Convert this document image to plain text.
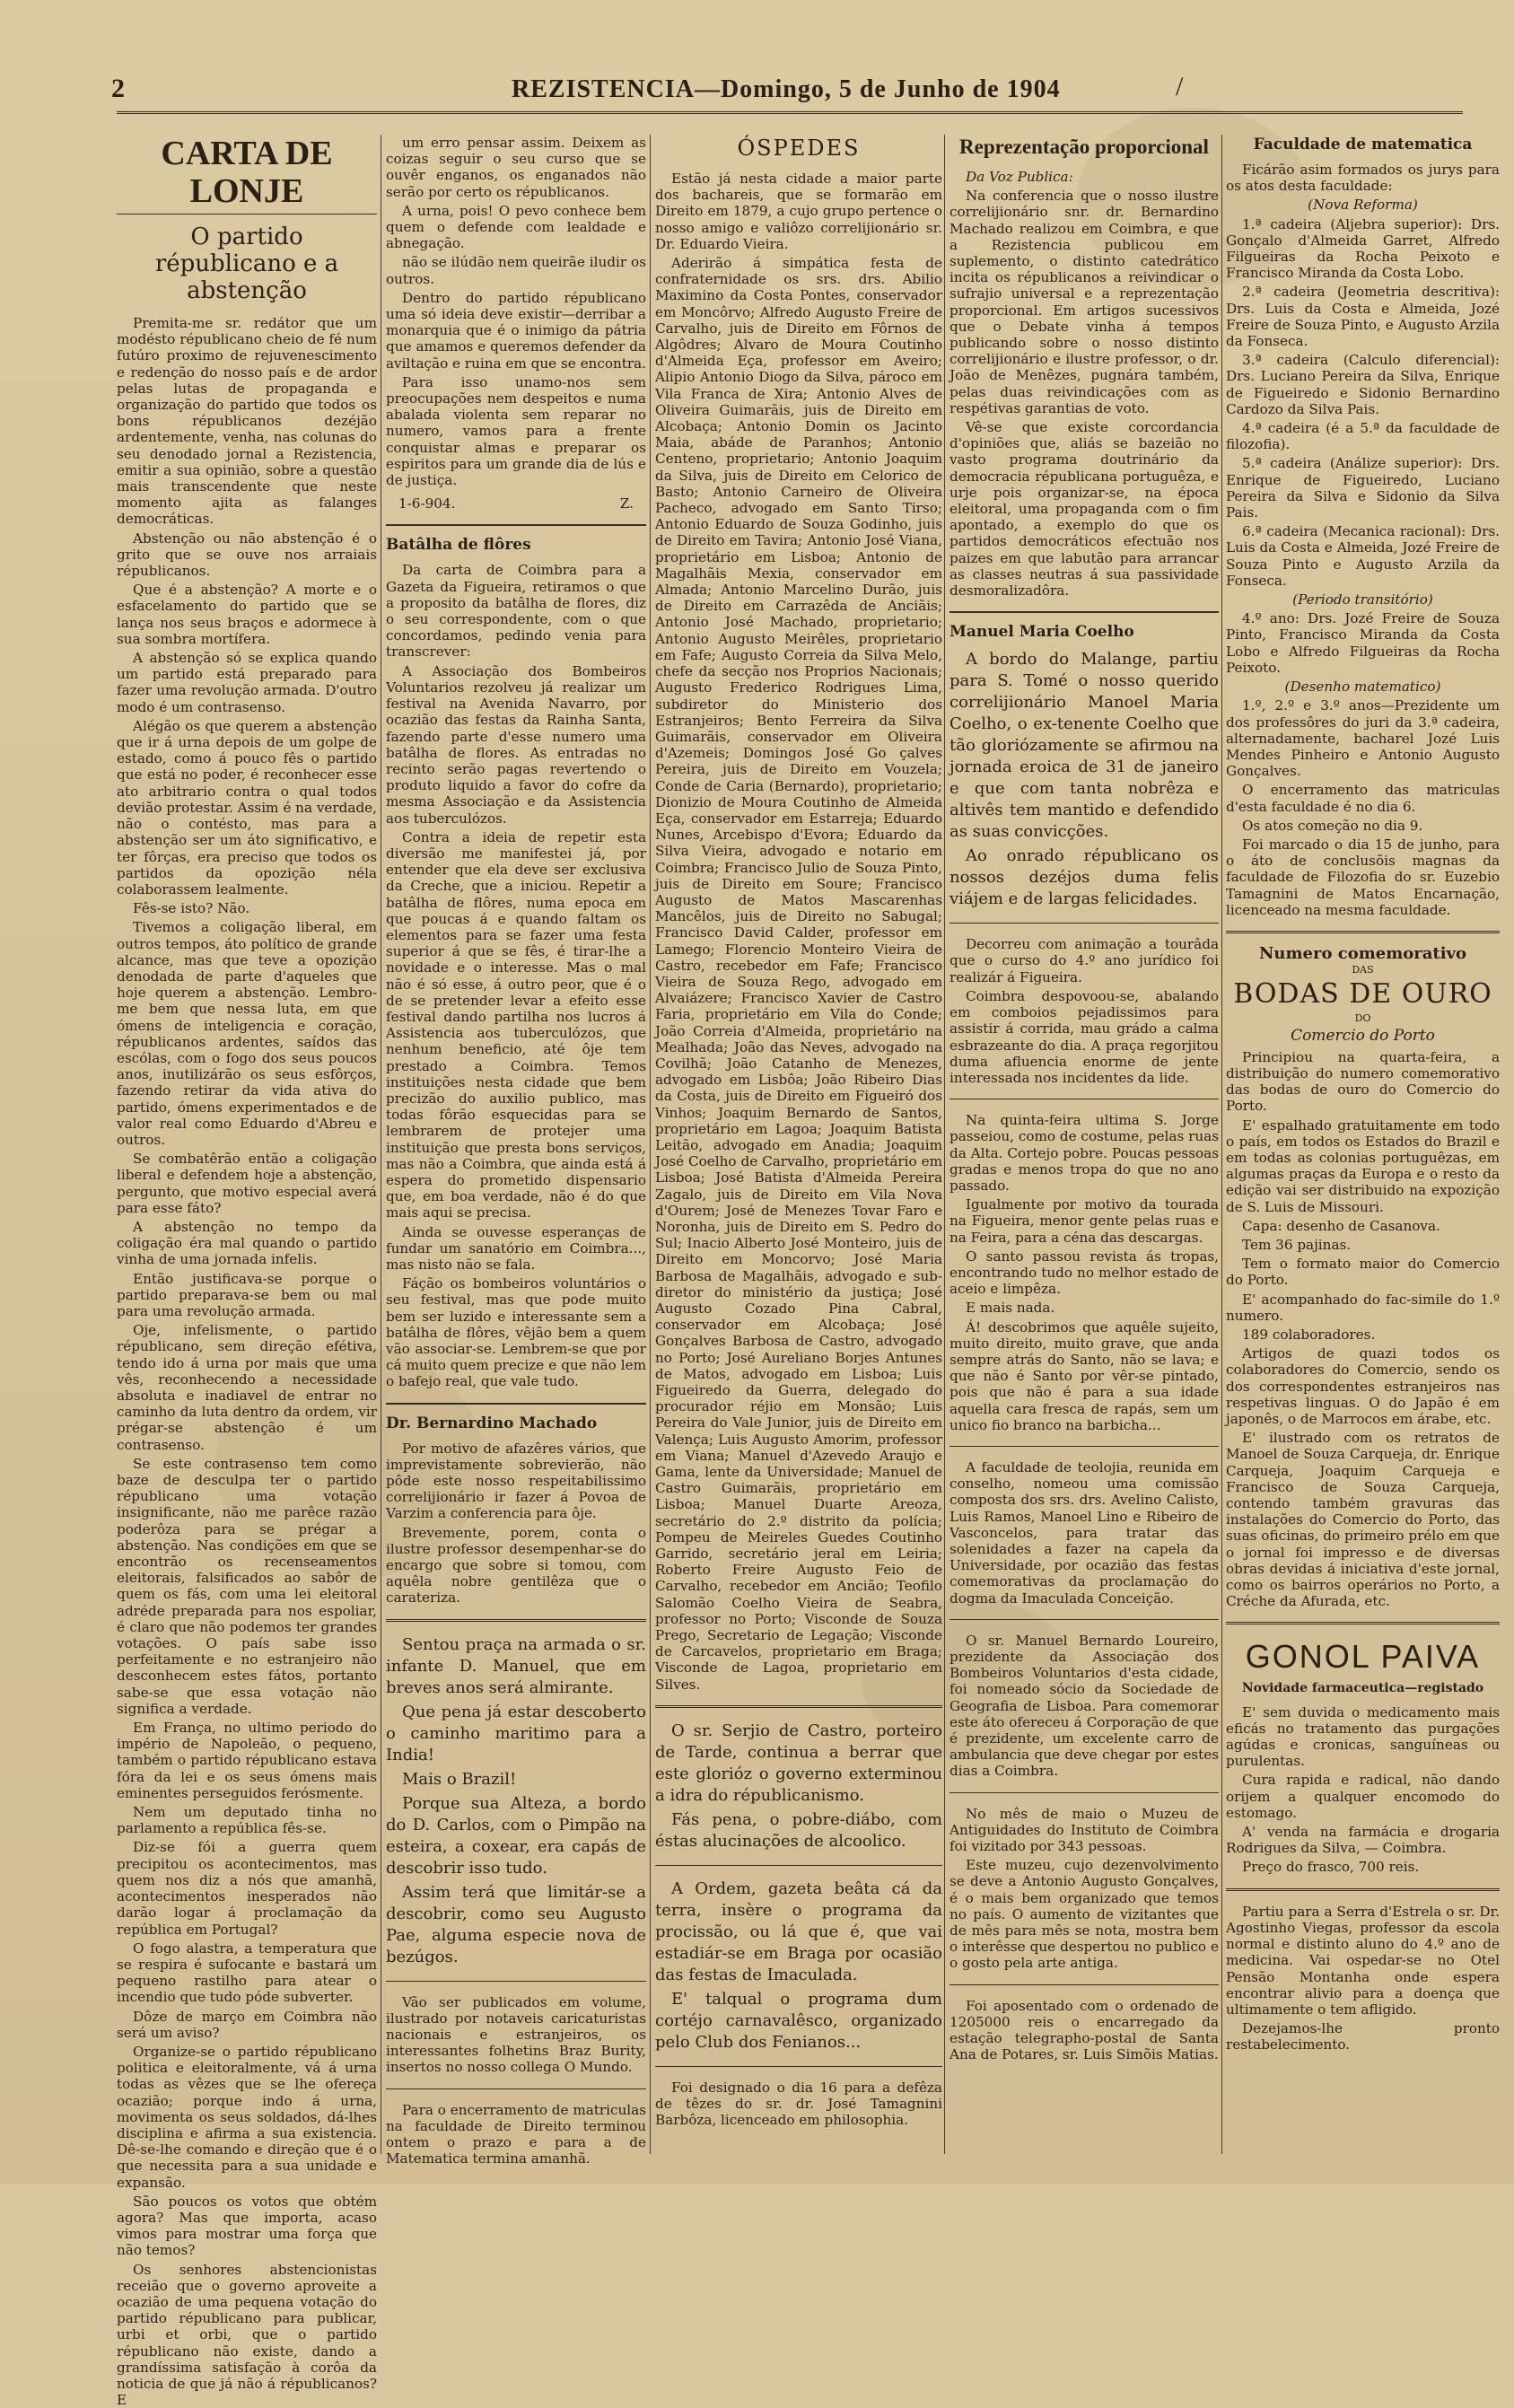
2	REZISTENCIA—Domingo, 5 de Junho de 1904	/
CARTA DE LONJE
O partido républicano e a abstenção

Premita-me sr. redátor que um modésto républicano cheio de fé num futúro proximo de rejuvenescimento e redenção do nosso país e de ardor pelas lutas de propaganda e organização do partido que todos os bons républicanos dezéjão ardentemente, venha, nas colunas do seu denodado jornal a Rezistencia, emitir a sua opinião, sobre a questão mais transcendente que neste momento ajita as falanges democráticas.

Abstenção ou não abstenção é o grito que se ouve nos arraiais républicanos.

Que é a abstenção? A morte e o esfacelamento do partido que se lança nos seus braços e adormece à sua sombra mortífera.

A abstenção só se explica quando um partido está preparado para fazer uma revolução armada. D'outro modo é um contrasenso.

Alégão os que querem a abstenção que ir á urna depois de um golpe de estado, como á pouco fês o partido que está no poder, é reconhecer esse ato arbitrario contra o qual todos devião protestar. Assim é na verdade, não o contésto, mas para a abstenção ser um áto significativo, e ter fôrças, era preciso que todos os partidos da opozição néla colaborassem lealmente.

Fês-se isto? Não.

Tivemos a coligação liberal, em outros tempos, áto político de grande alcance, mas que teve a opozição denodada de parte d'aqueles que hoje querem a abstenção. Lembro-me bem que nessa luta, em que ómens de inteligencia e coração, républicanos ardentes, saídos das escólas, com o fogo dos seus poucos anos, inutilizárão os seus esfôrços, fazendo retirar da vida ativa do partido, ómens experimentados e de valor real como Eduardo d'Abreu e outros.

Se combatêrão então a coligação liberal e defendem hoje a abstenção, pergunto, que motivo especial averá para esse fáto?

A abstenção no tempo da coligação éra mal quando o partido vinha de uma jornada infelis.

Então justificava-se porque o partido preparava-se bem ou mal para uma revolução armada.

Oje, infelismente, o partido républicano, sem direção efétiva, tendo ido á urna por mais que uma vês, reconhecendo a necessidade absoluta e inadiavel de entrar no caminho da luta dentro da ordem, vir prégar-se abstenção é um contrasenso.

Se este contrasenso tem como baze de desculpa ter o partido républicano uma votação insignificante, não me parêce razão poderôza para se prégar a abstenção. Nas condições em que se encontrão os recenseamentos eleitorais, falsificados ao sabôr de quem os fás, com uma lei eleitoral adréde preparada para nos espoliar, é claro que não podemos ter grandes votações. O país sabe isso perfeitamente e no estranjeiro não desconhecem estes fátos, portanto sabe-se que essa votação não significa a verdade.

Em França, no ultimo periodo do império de Napoleão, o pequeno, também o partido républicano estava fóra da lei e os seus ómens mais eminentes perseguidos ferósmente.

Nem um deputado tinha no parlamento a república fês-se.

Diz-se fói a guerra quem precipitou os acontecimentos, mas quem nos diz a nós que amanhã, acontecimentos inesperados não darão logar á proclamação da república em Portugal?

O fogo alastra, a temperatura que se respira é sufocante e bastará um pequeno rastilho para atear o incendio que tudo póde subverter.

Dôze de março em Coimbra não será um aviso?

Organize-se o partido républicano politica e eleitoralmente, vá á urna todas as vêzes que se lhe ofereça ocazião; porque indo á urna, movimenta os seus soldados, dá-lhes disciplina e afirma a sua existencia. Dê-se-lhe comando e direção que é o que necessita para a sua unidade e expansão.

São poucos os votos que obtém agora? Mas que importa, acaso vimos para mostrar uma força que não temos?

Os senhores abstencionistas receião que o governo aproveite a ocazião de uma pequena votação do partido républicano para publicar, urbi et orbi, que o partido républicano não existe, dando a grandíssima satisfação à corôa da noticia de que já não á républicanos? E

um erro pensar assim. Deixem as coizas seguir o seu curso que se ouvêr enganos, os enganados não serão por certo os républicanos.

A urna, pois! O pevo conhece bem quem o defende com lealdade e abnegação.

não se ilúdão nem queirãe iludir os outros.

Dentro do partido républicano uma só ideia deve existir—derribar a monarquia que é o inimigo da pátria que amamos e queremos defender da aviltação e ruina em que se encontra.

Para isso unamo-nos sem preocupações nem despeitos e numa abalada violenta sem reparar no numero, vamos para a frente conquistar almas e preparar os espiritos para um grande dia de lús e de justiça.

1-6-904.	Z.
Batâlha de flôres

Da carta de Coimbra para a Gazeta da Figueira, retiramos o que a proposito da batâlha de flores, diz o seu correspondente, com o que concordamos, pedindo venia para transcrever:

A Associação dos Bombeiros Voluntarios rezolveu já realizar um festival na Avenida Navarro, por ocazião das festas da Rainha Santa, fazendo parte d'esse numero uma batâlha de flores. As entradas no recinto serão pagas revertendo o produto liquido a favor do cofre da mesma Associação e da Assistencia aos tuberculózos.

Contra a ideia de repetir esta diversão me manifestei já, por entender que ela deve ser exclusiva da Creche, que a iniciou. Repetir a batâlha de flôres, numa epoca em que poucas á e quando faltam os elementos para se fazer uma festa superior á que se fês, é tirar-lhe a novidade e o interesse. Mas o mal não é só esse, á outro peor, que é o de se pretender levar a efeito esse festival dando partilha nos lucros á Assistencia aos tuberculózos, que nenhum beneficio, até ôje tem prestado a Coimbra. Temos instituições nesta cidade que bem precizão do auxilio publico, mas todas fôrão esquecidas para se lembrarem de protejer uma instituição que presta bons serviços, mas não a Coimbra, que ainda está á espera do prometido dispensario que, em boa verdade, não é do que mais aqui se precisa.

Ainda se ouvesse esperanças de fundar um sanatório em Coimbra..., mas nisto não se fala.

Fáção os bombeiros voluntários o seu festival, mas que pode muito bem ser luzido e interessante sem a batâlha de flôres, vêjão bem a quem vão associar-se. Lembrem-se que por cá muito quem precize e que não lem o bafejo real, que vale tudo.

Dr. Bernardino Machado

Por motivo de afazêres vários, que imprevistamente sobrevierão, não pôde este nosso respeitabilissimo correlijionário ir fazer á Povoa de Varzim a conferencia para ôje.

Brevemente, porem, conta o ilustre professor desempenhar-se do encargo que sobre si tomou, com aquêla nobre gentilêza que o carateriza.

Sentou praça na armada o sr. infante D. Manuel, que em breves anos será almirante.

Que pena já estar descoberto o caminho maritimo para a India!

Mais o Brazil!

Porque sua Alteza, a bordo do D. Carlos, com o Pimpão na esteira, a coxear, era capás de descobrir isso tudo.

Assim terá que limitár-se a descobrir, como seu Augusto Pae, alguma especie nova de bezúgos.

Vão ser publicados em volume, ilustrado por notaveis caricaturistas nacionais e estranjeiros, os interessantes folhetins Braz Burity, insertos no nosso collega O Mundo.

Para o encerramento de matriculas na faculdade de Direito terminou ontem o prazo e para a de Matematica termina amanhã.

ÓSPEDES

Estão já nesta cidade a maior parte dos bachareis, que se formarão em Direito em 1879, a cujo grupo pertence o nosso amigo e valiôzo correlijionário sr. Dr. Eduardo Vieira.

Aderirão á simpática festa de confraternidade os srs. drs. Abilio Maximino da Costa Pontes, conservador em Moncôrvo; Alfredo Augusto Freire de Carvalho, juis de Direito em Fôrnos de Algôdres; Alvaro de Moura Coutinho d'Almeida Eça, professor em Aveiro; Alipio Antonio Diogo da Silva, pároco em Vila Franca de Xira; Antonio Alves de Oliveira Guimarãis, juis de Direito em Alcobaça; Antonio Domin os Jacinto Maia, abáde de Paranhos; Antonio Centeno, proprietario; Antonio Joaquim da Silva, juis de Direito em Celorico de Basto; Antonio Carneiro de Oliveira Pacheco, advogado em Santo Tirso; Antonio Eduardo de Souza Godinho, juis de Direito em Tavira; Antonio José Viana, proprietário em Lisboa; Antonio de Magalhãis Mexia, conservador em Almada; Antonio Marcelino Durão, juis de Direito em Carrazêda de Anciãis; Antonio José Machado, proprietario; Antonio Augusto Meirêles, proprietario em Fafe; Augusto Correia da Silva Melo, chefe da secção nos Proprios Nacionais; Augusto Frederico Rodrigues Lima, subdiretor do Ministerio dos Estranjeiros; Bento Ferreira da Silva Guimarãis, conservador em Oliveira d'Azemeis; Domingos José Go çalves Pereira, juis de Direito em Vouzela; Conde de Caria (Bernardo), proprietario; Dionizio de Moura Coutinho de Almeida Eça, conservador em Estarreja; Eduardo Nunes, Arcebispo d'Evora; Eduardo da Silva Vieira, advogado e notario em Coimbra; Francisco Julio de Souza Pinto, juis de Direito em Soure; Francisco Augusto de Matos Mascarenhas Mancêlos, juis de Direito no Sabugal; Francisco David Calder, professor em Lamego; Florencio Monteiro Vieira de Castro, recebedor em Fafe; Francisco Vieira de Souza Rego, advogado em Alvaiázere; Francisco Xavier de Castro Faria, proprietário em Vila do Conde; João Correia d'Almeida, proprietário na Mealhada; João das Neves, advogado na Covilhã; João Catanho de Menezes, advogado em Lisbôa; João Ribeiro Dias da Costa, juis de Direito em Figueiró dos Vinhos; Joaquim Bernardo de Santos, proprietário em Lagoa; Joaquim Batista Leitão, advogado em Anadia; Joaquim José Coelho de Carvalho, proprietário em Lisboa; José Batista d'Almeida Pereira Zagalo, juis de Direito em Vila Nova d'Ourem; José de Menezes Tovar Faro e Noronha, juis de Direito em S. Pedro do Sul; Inacio Alberto José Monteiro, juis de Direito em Moncorvo; José Maria Barbosa de Magalhãis, advogado e sub-diretor do ministério da justiça; José Augusto Cozado Pina Cabral, conservador em Alcobaça; José Gonçalves Barbosa de Castro, advogado no Porto; José Aureliano Borjes Antunes de Matos, advogado em Lisboa; Luis Figueiredo da Guerra, delegado do procurador réjio em Monsão; Luis Pereira do Vale Junior, juis de Direito em Valença; Luis Augusto Amorim, professor em Viana; Manuel d'Azevedo Araujo e Gama, lente da Universidade; Manuel de Castro Guimarãis, proprietário em Lisboa; Manuel Duarte Areoza, secretário do 2.º distrito da polícia; Pompeu de Meireles Guedes Coutinho Garrido, secretário jeral em Leiria; Roberto Freire Augusto Feio de Carvalho, recebedor em Ancião; Teofilo Salomão Coelho Vieira de Seabra, professor no Porto; Visconde de Souza Prego, Secretario de Legação; Visconde de Carcavelos, proprietario em Braga; Visconde de Lagoa, proprietario em Silves.

O sr. Serjio de Castro, porteiro de Tarde, continua a berrar que este glorióz o governo exterminou a idra do républicanismo.

Fás pena, o pobre-diábo, com éstas alucinações de alcoolico.

A Ordem, gazeta beâta cá da terra, insère o programa da procissão, ou lá que é, que vai estadiár-se em Braga por ocasião das festas de Imaculada.

E' talqual o programa dum cortéjo carnavalêsco, organizado pelo Club dos Fenianos...

Foi designado o dia 16 para a defêza de têzes do sr. dr. José Tamagnini Barbôza, licenceado em philosophia.

Reprezentação proporcional

Da Voz Publica:

Na conferencia que o nosso ilustre correlijionário snr. dr. Bernardino Machado realizou em Coimbra, e que a Rezistencia publicou em suplemento, o distinto catedrático incita os républicanos a reivindicar o sufrajio universal e a reprezentação proporcional. Em artigos sucessivos que o Debate vinha á tempos publicando sobre o nosso distinto correlijionário e ilustre professor, o dr. João de Menêzes, pugnára também, pelas duas reivindicações com as respétivas garantias de voto.

Vê-se que existe corcordancia d'opiniões que, aliás se bazeião no vasto programa doutrinário da democracia républicana portuguêza, e urje pois organizar-se, na época eleitoral, uma propaganda com o fim apontado, a exemplo do que os partidos democráticos efectuão nos paizes em que labutão para arrancar as classes neutras á sua passividade desmoralizadôra.

Manuel Maria Coelho

A bordo do Malange, partiu para S. Tomé o nosso querido correlijionário Manoel Maria Coelho, o ex-tenente Coelho que tão gloriózamente se afirmou na jornada eroica de 31 de janeiro e que com tanta nobrêza e altivês tem mantido e defendido as suas convicções.

Ao onrado républicano os nossos dezéjos duma felis viájem e de largas felicidades.

Decorreu com animação a tourâda que o curso do 4.º ano jurídico foi realizár á Figueira.

Coimbra despovoou-se, abalando em comboios pejadissimos para assistir á corrida, mau grádo a calma esbrazeante do dia. A praça regorjitou duma afluencia enorme de jente interessada nos incidentes da lide.

Na quinta-feira ultima S. Jorge passeiou, como de costume, pelas ruas da Alta. Cortejo pobre. Poucas pessoas gradas e menos tropa do que no ano passado.

Igualmente por motivo da tourada na Figueira, menor gente pelas ruas e na Feira, para a céna das descargas.

O santo passou revista ás tropas, encontrando tudo no melhor estado de aceio e limpêza.

E mais nada.

Á! descobrimos que aquêle sujeito, muito direito, muito grave, que anda sempre atrás do Santo, não se lava; e que não é Santo por vêr-se pintado, pois que não é para a sua idade aquella cara fresca de rapás, sem um unico fio branco na barbicha...

A faculdade de teolojia, reunida em conselho, nomeou uma comissão composta dos srs. drs. Avelino Calisto, Luis Ramos, Manoel Lino e Ribeiro de Vasconcelos, para tratar das solenidades a fazer na capela da Universidade, por ocazião das festas comemorativas da proclamação do dogma da Imaculada Conceição.

O sr. Manuel Bernardo Loureiro, prezidente da Associação dos Bombeiros Voluntarios d'esta cidade, foi nomeado sócio da Sociedade de Geografia de Lisboa. Para comemorar este áto ofereceu á Corporação de que é prezidente, um excelente carro de ambulancia que deve chegar por estes dias a Coimbra.

No mês de maio o Muzeu de Antiguidades do Instituto de Coimbra foi vizitado por 343 pessoas.

Este muzeu, cujo dezenvolvimento se deve a Antonio Augusto Gonçalves, é o mais bem organizado que temos no país. O aumento de vizitantes que de mês para mês se nota, mostra bem o interêsse que despertou no publico e o gosto pela arte antiga.

Foi aposentado com o ordenado de 1205000 reis o encarregado da estação telegrapho-postal de Santa Ana de Potares, sr. Luis Simõis Matias.

Faculdade de matematica

Ficárão asim formados os jurys para os atos desta faculdade:

(Nova Reforma)

1.ª cadeira (Aljebra superior): Drs. Gonçalo d'Almeida Garret, Alfredo Filgueiras da Rocha Peixoto e Francisco Miranda da Costa Lobo.

2.ª cadeira (Jeometria descritiva): Drs. Luis da Costa e Almeida, Jozé Freire de Souza Pinto, e Augusto Arzila da Fonseca.

3.ª cadeira (Calculo diferencial): Drs. Luciano Pereira da Silva, Enrique de Figueiredo e Sidonio Bernardino Cardozo da Silva Pais.

4.ª cadeira (é a 5.ª da faculdade de filozofia).

5.ª cadeira (Análize superior): Drs. Enrique de Figueiredo, Luciano Pereira da Silva e Sidonio da Silva Pais.

6.ª cadeira (Mecanica racional): Drs. Luis da Costa e Almeida, Jozé Freire de Souza Pinto e Augusto Arzila da Fonseca.

(Periodo transitório)

4.º ano: Drs. Jozé Freire de Souza Pinto, Francisco Miranda da Costa Lobo e Alfredo Filgueiras da Rocha Peixoto.

(Desenho matematico)

1.º, 2.º e 3.º anos—Prezidente um dos professôres do juri da 3.ª cadeira, alternadamente, bacharel Jozé Luis Mendes Pinheiro e Antonio Augusto Gonçalves.

O encerramento das matriculas d'esta faculdade é no dia 6.

Os atos começão no dia 9.

Foi marcado o dia 15 de junho, para o áto de conclusõis magnas da faculdade de Filozofia do sr. Euzebio Tamagnini de Matos Encarnação, licenceado na mesma faculdade.

Numero comemorativo
DAS
BODAS DE OURO
DO
Comercio do Porto

Principiou na quarta-feira, a distribuição do numero comemorativo das bodas de ouro do Comercio do Porto.

E' espalhado gratuitamente em todo o país, em todos os Estados do Brazil e em todas as colonias portuguêzas, em algumas praças da Europa e o resto da edição vai ser distribuido na expozição de S. Luis de Missouri.

Capa: desenho de Casanova.

Tem 36 pajinas.

Tem o formato maior do Comercio do Porto.

E' acompanhado do fac-simile do 1.º numero.

189 colaboradores.

Artigos de quazi todos os colaboradores do Comercio, sendo os dos correspondentes estranjeiros nas respetivas linguas. O do Japão é em japonês, o de Marrocos em árabe, etc.

E' ilustrado com os retratos de Manoel de Souza Carqueja, dr. Enrique Carqueja, Joaquim Carqueja e Francisco de Souza Carqueja, contendo também gravuras das instalações do Comercio do Porto, das suas oficinas, do primeiro prélo em que o jornal foi impresso e de diversas obras devidas á iniciativa d'este jornal, como os bairros operários no Porto, a Créche da Afurada, etc.

GONOL PAIVA
Novidade farmaceutica—registado

E' sem duvida o medicamento mais eficás no tratamento das purgações agúdas e cronicas, sanguíneas ou purulentas.

Cura rapida e radical, não dando orijem a qualquer encomodo do estomago.

A' venda na farmácia e drogaria Rodrigues da Silva, — Coimbra.

Preço do frasco, 700 reis.

Partiu para a Serra d'Estrela o sr. Dr. Agostinho Viegas, professor da escola normal e distinto aluno do 4.º ano de medicina. Vai ospedar-se no Otel Pensão Montanha onde espera encontrar alivio para a doença que ultimamente o tem afligido.

Dezejamos-lhe pronto restabelecimento.
